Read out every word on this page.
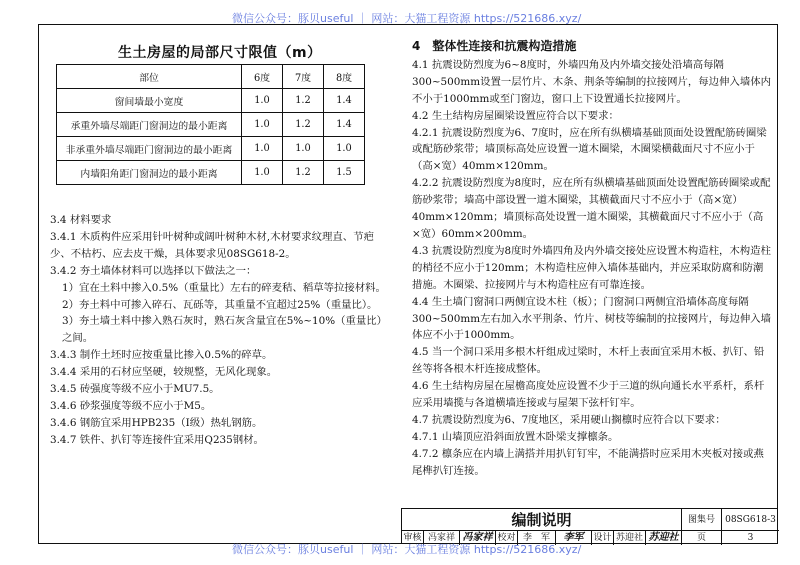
微信公众号：豚贝useful ｜ 网站：大猫工程资源 https://521686.xyz/
生土房屋的局部尺寸限值（m）
部位	6度	7度	8度
窗间墙最小宽度	1.0	1.2	1.4
承重外墙尽端距门窗洞边的最小距离	1.0	1.2	1.4
非承重外墙尽端距门窗洞边的最小距离	1.0	1.0	1.0
内墙阳角距门窗洞边的最小距离	1.0	1.2	1.5

3.4 材料要求

3.4.1 木质构件应采用针叶树种或阔叶树种木材,木材要求纹理直、节疤少、不枯朽、应去皮干燥，具体要求见08SG618-2。

3.4.2 夯土墙体材料可以选择以下做法之一：

1）宜在土料中掺入0.5%（重量比）左右的碎麦秸、稻草等拉接材料。

2）夯土料中可掺入碎石、瓦砾等，其重量不宜超过25%（重量比）。

3）夯土墙土料中掺入熟石灰时，熟石灰含量宜在5%~10%（重量比）之间。

3.4.3 制作土坯时应按重量比掺入0.5%的碎草。

3.4.4 采用的石材应坚硬，较规整，无风化现象。

3.4.5 砖强度等级不应小于MU7.5。

3.4.6 砂浆强度等级不应小于M5。

3.4.6 钢筋宜采用HPB235（Ⅰ级）热轧钢筋。

3.4.7 铁件、扒钉等连接件宜采用Q235钢材。

4　整体性连接和抗震构造措施

4.1 抗震设防烈度为6~8度时，外墙四角及内外墙交接处沿墙高每隔300~500mm设置一层竹片、木条、荆条等编制的拉接网片，每边伸入墙体内不小于1000mm或至门窗边，窗口上下设置通长拉接网片。

4.2 生土结构房屋圈梁设置应符合以下要求：

4.2.1 抗震设防烈度为6、7度时，应在所有纵横墙基础顶面处设置配筋砖圈梁或配筋砂浆带；墙顶标高处应设置一道木圈梁，木圈梁横截面尺寸不应小于（高×宽）40mm×120mm。

4.2.2 抗震设防烈度为8度时，应在所有纵横墙基础顶面处设置配筋砖圈梁或配筋砂浆带；墙高中部设置一道木圈梁，其横截面尺寸不应小于（高×宽）40mm×120mm；墙顶标高处设置一道木圈梁，其横截面尺寸不应小于（高×宽）60mm×200mm。

4.3 抗震设防烈度为8度时外墙四角及内外墙交接处应设置木构造柱，木构造柱的梢径不应小于120mm；木构造柱应伸入墙体基础内，并应采取防腐和防潮措施。木圈梁、拉接网片与木构造柱应有可靠连接。

4.4 生土墙门窗洞口两侧宜设木柱（板）；门窗洞口两侧宜沿墙体高度每隔300~500mm左右加入水平荆条、竹片、树枝等编制的拉接网片，每边伸入墙体应不小于1000mm。

4.5 当一个洞口采用多根木杆组成过梁时，木杆上表面宜采用木板、扒钉、铅丝等将各根木杆连接成整体。

4.6 生土结构房屋在屋檐高度处应设置不少于三道的纵向通长水平系杆，系杆应采用墙揽与各道横墙连接或与屋架下弦杆钉牢。

4.7 抗震设防烈度为6、7度地区，采用硬山搁檩时应符合以下要求：

4.7.1 山墙顶应沿斜面放置木卧梁支撑檩条。

4.7.2 檩条应在内墙上满搭并用扒钉钉牢，不能满搭时应采用木夹板对接或燕尾榫扒钉连接。

编制说明	图集号	08SG618-3
审核 冯家祥 冯家祥 校对 李　军	李军	设计 苏迎社 苏迎社	页	3
微信公众号：豚贝useful ｜ 网站：大猫工程资源 https://521686.xyz/
